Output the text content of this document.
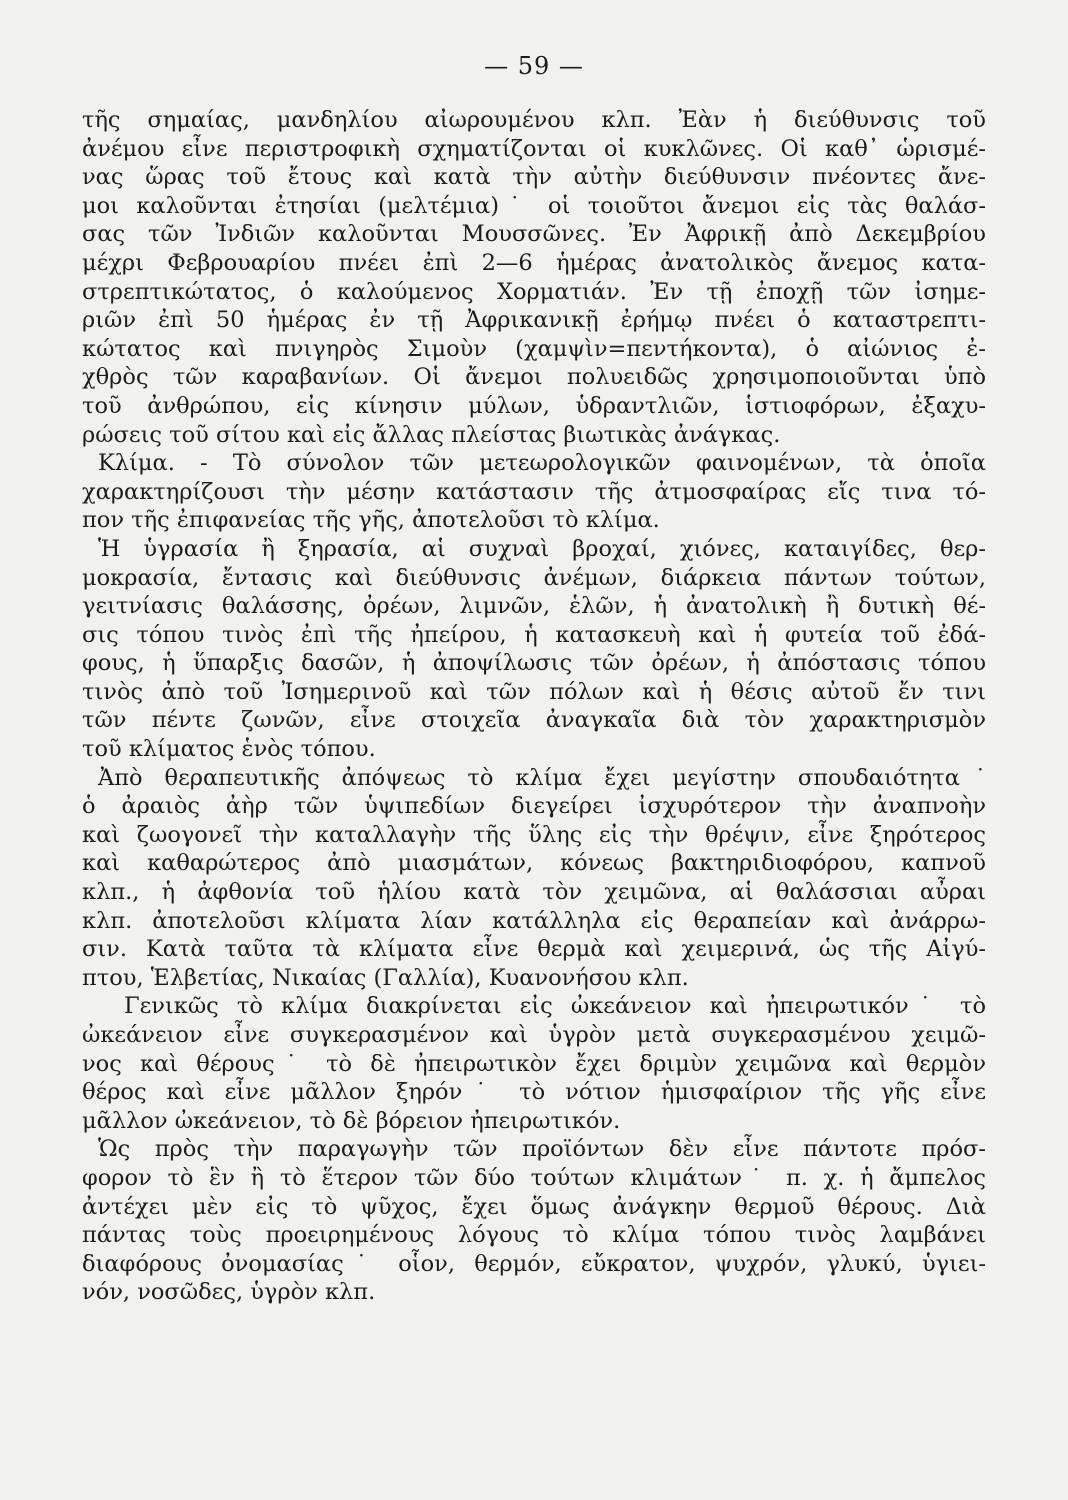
— 59 —
τῆς σημαίας, μανδηλίου αἰωρουμένου κλπ. Ἐὰν ἡ διεύθυνσις τοῦ
ἀνέμου εἶνε περιστροφικὴ σχηματίζονται οἱ κυκλῶνες. Οἱ καθ᾽ ὡρισμέ-
νας ὥρας τοῦ ἔτους καὶ κατὰ τὴν αὐτὴν διεύθυνσιν πνέοντες ἄνε-
μοι καλοῦνται ἐτησίαι (μελτέμια)˙ οἱ τοιοῦτοι ἄνεμοι εἰς τὰς θαλάσ-
σας τῶν Ἰνδιῶν καλοῦνται Μουσσῶνες. Ἐν Ἀφρικῇ ἀπὸ Δεκεμβρίου
μέχρι Φεβρουαρίου πνέει ἐπὶ 2—6 ἡμέρας ἀνατολικὸς ἄνεμος κατα-
στρεπτικώτατος, ὁ καλούμενος Χορματιάν. Ἐν τῇ ἐποχῇ τῶν ἰσημε-
ριῶν ἐπὶ 50 ἡμέρας ἐν τῇ Ἀφρικανικῇ ἐρήμῳ πνέει ὁ καταστρεπτι-
κώτατος καὶ πνιγηρὸς Σιμοὺν (χαμψὶν=πεντήκοντα), ὁ αἰώνιος ἐ-
χθρὸς τῶν καραβανίων. Οἱ ἄνεμοι πολυειδῶς χρησιμοποιοῦνται ὑπὸ
τοῦ ἀνθρώπου, εἰς κίνησιν μύλων, ὑδραντλιῶν, ἱστιοφόρων, ἐξαχυ-
ρώσεις τοῦ σίτου καὶ εἰς ἄλλας πλείστας βιωτικὰς ἀνάγκας.
Κλίμα. - Τὸ σύνολον τῶν μετεωρολογικῶν φαινομένων, τὰ ὁποῖα
χαρακτηρίζουσι τὴν μέσην κατάστασιν τῆς ἀτμοσφαίρας εἴς τινα τό-
πον τῆς ἐπιφανείας τῆς γῆς, ἀποτελοῦσι τὸ κλίμα.
Ἡ ὑγρασία ἢ ξηρασία, αἱ συχναὶ βροχαί, χιόνες, καταιγίδες, θερ-
μοκρασία, ἔντασις καὶ διεύθυνσις ἀνέμων, διάρκεια πάντων τούτων,
γειτνίασις θαλάσσης, ὀρέων, λιμνῶν, ἑλῶν, ἡ ἀνατολικὴ ἢ δυτικὴ θέ-
σις τόπου τινὸς ἐπὶ τῆς ἠπείρου, ἡ κατασκευὴ καὶ ἡ φυτεία τοῦ ἐδά-
φους, ἡ ὕπαρξις δασῶν, ἡ ἀποψίλωσις τῶν ὀρέων, ἡ ἀπόστασις τόπου
τινὸς ἀπὸ τοῦ Ἰσημερινοῦ καὶ τῶν πόλων καὶ ἡ θέσις αὐτοῦ ἔν τινι
τῶν πέντε ζωνῶν, εἶνε στοιχεῖα ἀναγκαῖα διὰ τὸν χαρακτηρισμὸν
τοῦ κλίματος ἑνὸς τόπου.
Ἀπὸ θεραπευτικῆς ἀπόψεως τὸ κλίμα ἔχει μεγίστην σπουδαιότητα˙
ὁ ἀραιὸς ἀὴρ τῶν ὑψιπεδίων διεγείρει ἰσχυρότερον τὴν ἀναπνοὴν
καὶ ζωογονεῖ τὴν καταλλαγὴν τῆς ὕλης εἰς τὴν θρέψιν, εἶνε ξηρότερος
καὶ καθαρώτερος ἀπὸ μιασμάτων, κόνεως βακτηριδιοφόρου, καπνοῦ
κλπ., ἡ ἀφθονία τοῦ ἡλίου κατὰ τὸν χειμῶνα, αἱ θαλάσσιαι αὖραι
κλπ. ἀποτελοῦσι κλίματα λίαν κατάλληλα εἰς θεραπείαν καὶ ἀνάρρω-
σιν. Κατὰ ταῦτα τὰ κλίματα εἶνε θερμὰ καὶ χειμερινά, ὡς τῆς Αἰγύ-
πτου, Ἑλβετίας, Νικαίας (Γαλλία), Κυανονήσου κλπ.
Γενικῶς τὸ κλίμα διακρίνεται εἰς ὠκεάνειον καὶ ἠπειρωτικόν˙ τὸ
ὠκεάνειον εἶνε συγκερασμένον καὶ ὑγρὸν μετὰ συγκερασμένου χειμῶ-
νος καὶ θέρους˙ τὸ δὲ ἠπειρωτικὸν ἔχει δριμὺν χειμῶνα καὶ θερμὸν
θέρος καὶ εἶνε μᾶλλον ξηρόν˙ τὸ νότιον ἡμισφαίριον τῆς γῆς εἶνε
μᾶλλον ὠκεάνειον, τὸ δὲ βόρειον ἠπειρωτικόν.
Ὡς πρὸς τὴν παραγωγὴν τῶν προϊόντων δὲν εἶνε πάντοτε πρόσ-
φορον τὸ ἓν ἢ τὸ ἕτερον τῶν δύο τούτων κλιμάτων˙ π. χ. ἡ ἄμπελος
ἀντέχει μὲν εἰς τὸ ψῦχος, ἔχει ὅμως ἀνάγκην θερμοῦ θέρους. Διὰ
πάντας τοὺς προειρημένους λόγους τὸ κλίμα τόπου τινὸς λαμβάνει
διαφόρους ὀνομασίας˙ οἷον, θερμόν, εὔκρατον, ψυχρόν, γλυκύ, ὑγιει-
νόν, νοσῶδες, ὑγρὸν κλπ.
